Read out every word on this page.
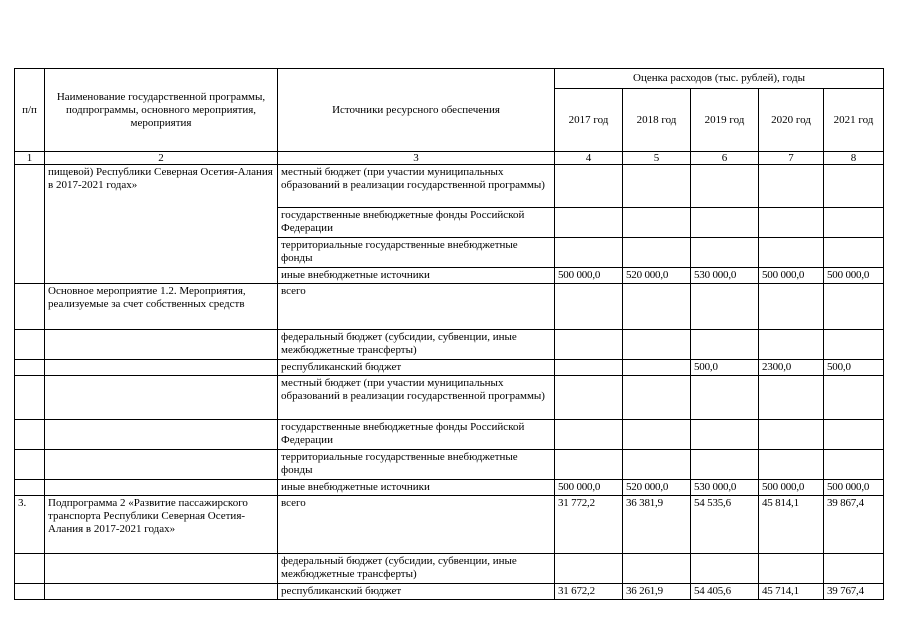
п/п	Наименование государственной программы, подпрограммы, основного мероприятия, мероприятия	Источники ресурсного обеспечения	Оценка расходов (тыс. рублей), годы				
			2017 год	2018 год	2019 год	2020 год	2021 год
1	2	3	4	5	6	7	8
	пищевой) Республики Северная Осетия-Алания в 2017-2021 годах»	местный бюджет (при участии муниципальных образований в реализации государственной программы)					
		государственные внебюджетные фонды Российской Федерации					
		территориальные государственные внебюджетные фонды					
		иные внебюджетные источники	500 000,0	520 000,0	530 000,0	500 000,0	500 000,0
	Основное мероприятие 1.2. Мероприятия, реализуемые за счет собственных средств	всего					
		федеральный бюджет (субсидии, субвенции, иные межбюджетные трансферты)					
		республиканский бюджет			500,0	2300,0	500,0
		местный бюджет (при участии муниципальных образований в реализации государственной программы)					
		государственные внебюджетные фонды Российской Федерации					
		территориальные государственные внебюджетные фонды					
		иные внебюджетные источники	500 000,0	520 000,0	530 000,0	500 000,0	500 000,0
3.	Подпрограмма 2 «Развитие пассажирского транспорта Республики Северная Осетия-Алания в 2017-2021 годах»	всего	31 772,2	36 381,9	54 535,6	45 814,1	39 867,4
		федеральный бюджет (субсидии, субвенции, иные межбюджетные трансферты)					
		республиканский бюджет	31 672,2	36 261,9	54 405,6	45 714,1	39 767,4
